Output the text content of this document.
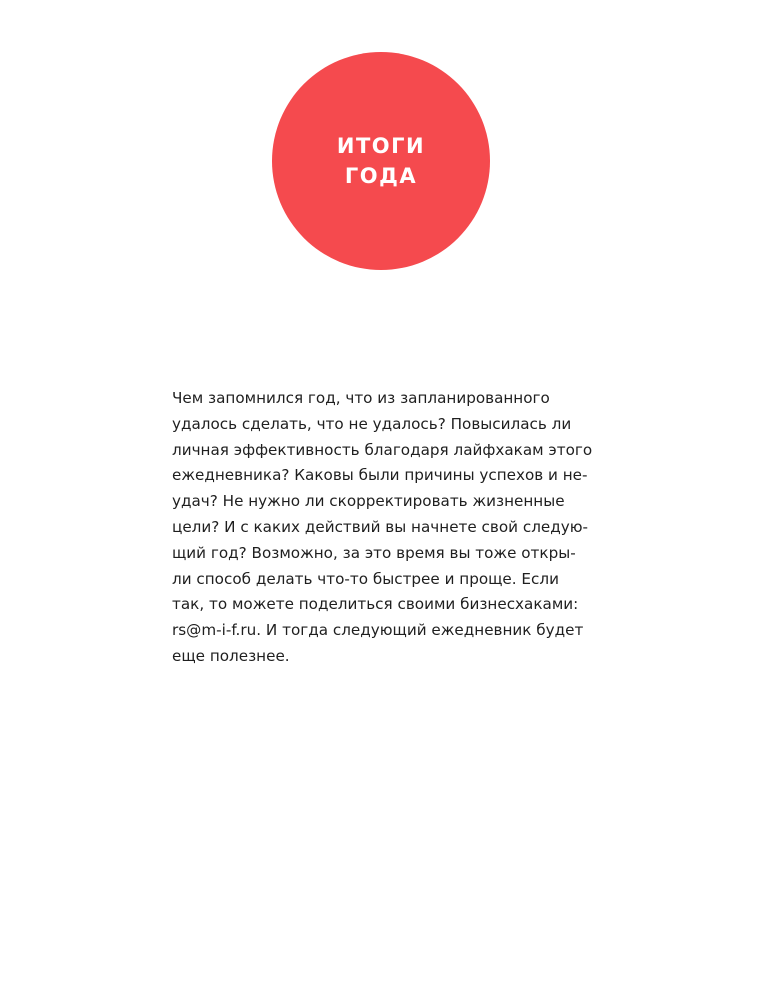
ИТОГИ
ГОДА
Чем запомнился год, что из запланированного
удалось сделать, что не удалось? Повысилась ли
личная эффективность благодаря лайфхакам этого
ежедневника? Каковы были причины успехов и не-
удач? Не нужно ли скорректировать жизненные
цели? И с каких действий вы начнете свой следую-
щий год? Возможно, за это время вы тоже откры-
ли способ делать что-то быстрее и проще. Если
так, то можете поделиться своими бизнесхаками:
rs@m-i-f.ru. И тогда следующий ежедневник будет
еще полезнее.
